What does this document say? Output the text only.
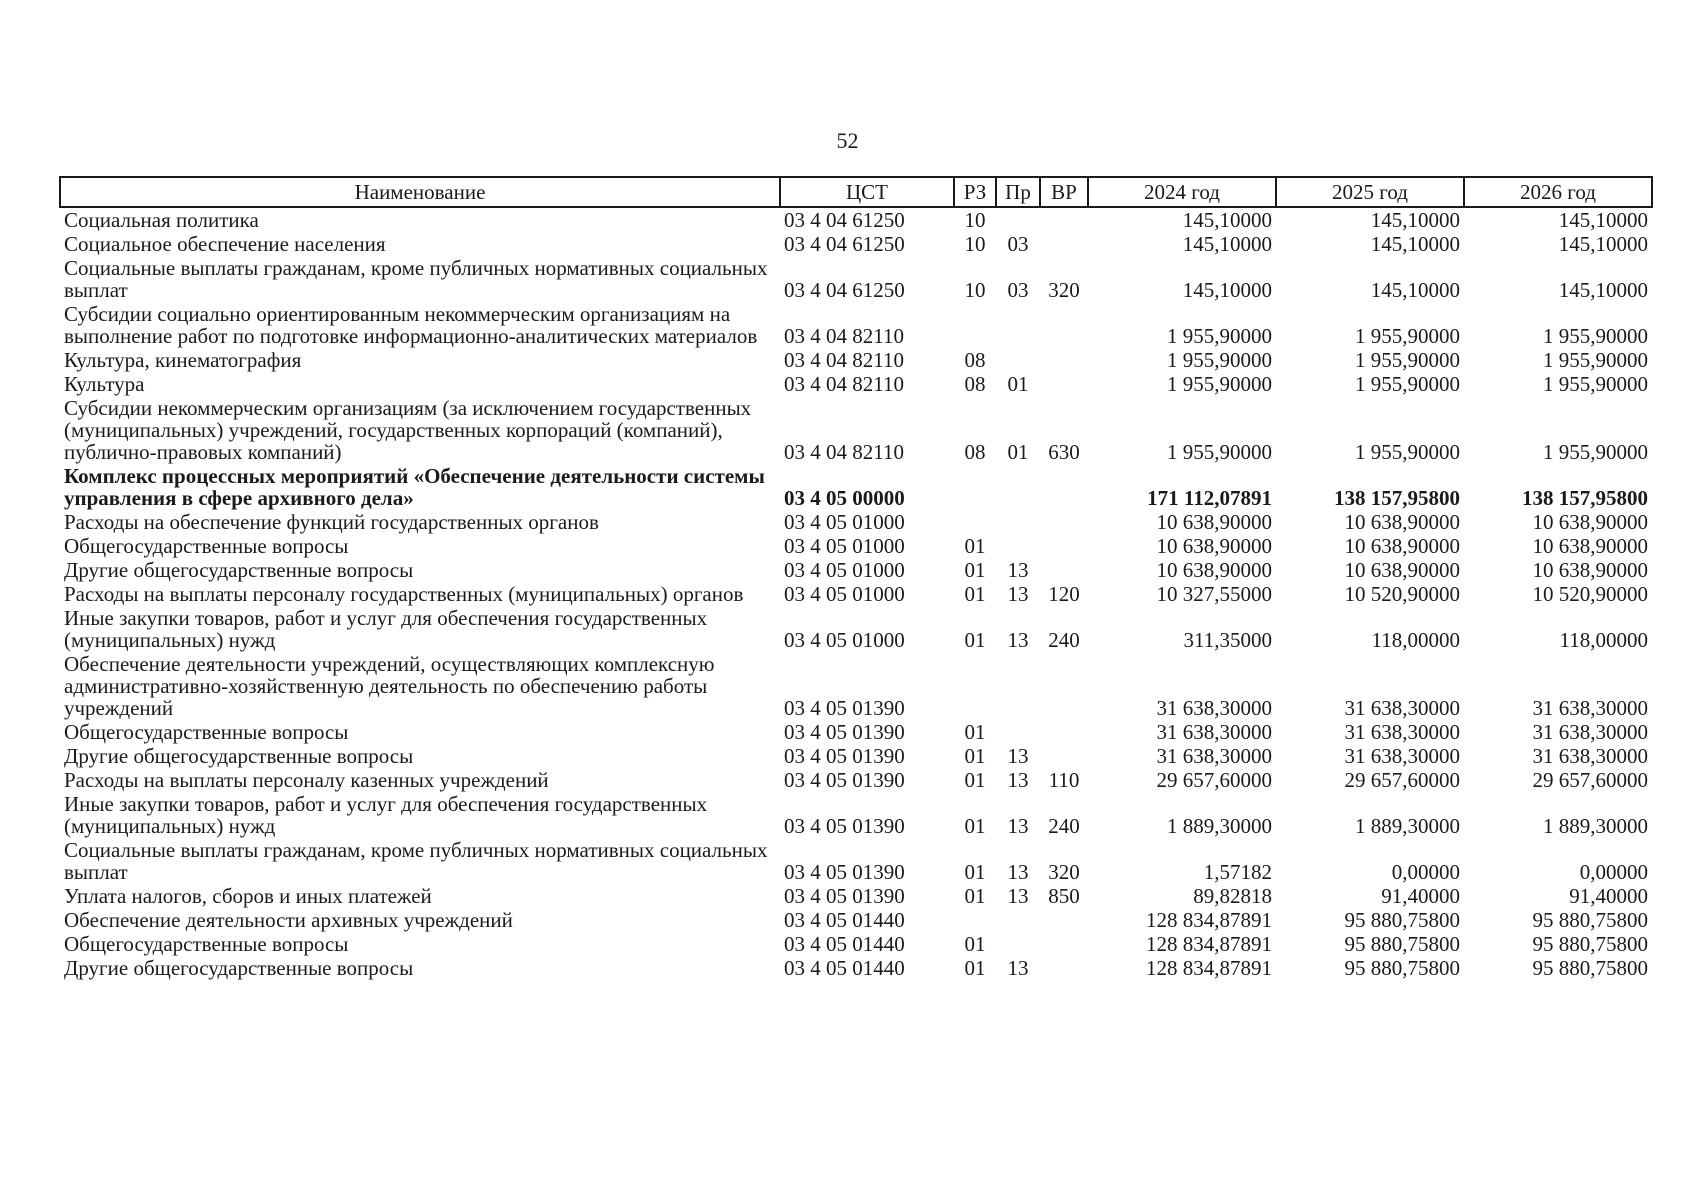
52
Наименование	ЦСТ	РЗ	Пр	ВР	2024 год	2025 год	2026 год
Социальная политика	03 4 04 61250	10			145,10000	145,10000	145,10000
Социальное обеспечение населения	03 4 04 61250	10	03		145,10000	145,10000	145,10000
Социальные выплаты гражданам, кроме публичных нормативных социальных выплат	03 4 04 61250	10	03	320	145,10000	145,10000	145,10000
Субсидии социально ориентированным некоммерческим организациям на выполнение работ по подготовке информационно-аналитических материалов	03 4 04 82110				1 955,90000	1 955,90000	1 955,90000
Культура, кинематография	03 4 04 82110	08			1 955,90000	1 955,90000	1 955,90000
Культура	03 4 04 82110	08	01		1 955,90000	1 955,90000	1 955,90000
Субсидии некоммерческим организациям (за исключением государственных (муниципальных) учреждений, государственных корпораций (компаний), публично-правовых компаний)	03 4 04 82110	08	01	630	1 955,90000	1 955,90000	1 955,90000
Комплекс процессных мероприятий «Обеспечение деятельности системы управления в сфере архивного дела»	03 4 05 00000				171 112,07891	138 157,95800	138 157,95800
Расходы на обеспечение функций государственных органов	03 4 05 01000				10 638,90000	10 638,90000	10 638,90000
Общегосударственные вопросы	03 4 05 01000	01			10 638,90000	10 638,90000	10 638,90000
Другие общегосударственные вопросы	03 4 05 01000	01	13		10 638,90000	10 638,90000	10 638,90000
Расходы на выплаты персоналу государственных (муниципальных) органов	03 4 05 01000	01	13	120	10 327,55000	10 520,90000	10 520,90000
Иные закупки товаров, работ и услуг для обеспечения государственных (муниципальных) нужд	03 4 05 01000	01	13	240	311,35000	118,00000	118,00000
Обеспечение деятельности учреждений, осуществляющих комплексную административно-хозяйственную деятельность по обеспечению работы учреждений	03 4 05 01390				31 638,30000	31 638,30000	31 638,30000
Общегосударственные вопросы	03 4 05 01390	01			31 638,30000	31 638,30000	31 638,30000
Другие общегосударственные вопросы	03 4 05 01390	01	13		31 638,30000	31 638,30000	31 638,30000
Расходы на выплаты персоналу казенных учреждений	03 4 05 01390	01	13	110	29 657,60000	29 657,60000	29 657,60000
Иные закупки товаров, работ и услуг для обеспечения государственных (муниципальных) нужд	03 4 05 01390	01	13	240	1 889,30000	1 889,30000	1 889,30000
Социальные выплаты гражданам, кроме публичных нормативных социальных выплат	03 4 05 01390	01	13	320	1,57182	0,00000	0,00000
Уплата налогов, сборов и иных платежей	03 4 05 01390	01	13	850	89,82818	91,40000	91,40000
Обеспечение деятельности архивных учреждений	03 4 05 01440				128 834,87891	95 880,75800	95 880,75800
Общегосударственные вопросы	03 4 05 01440	01			128 834,87891	95 880,75800	95 880,75800
Другие общегосударственные вопросы	03 4 05 01440	01	13		128 834,87891	95 880,75800	95 880,75800
